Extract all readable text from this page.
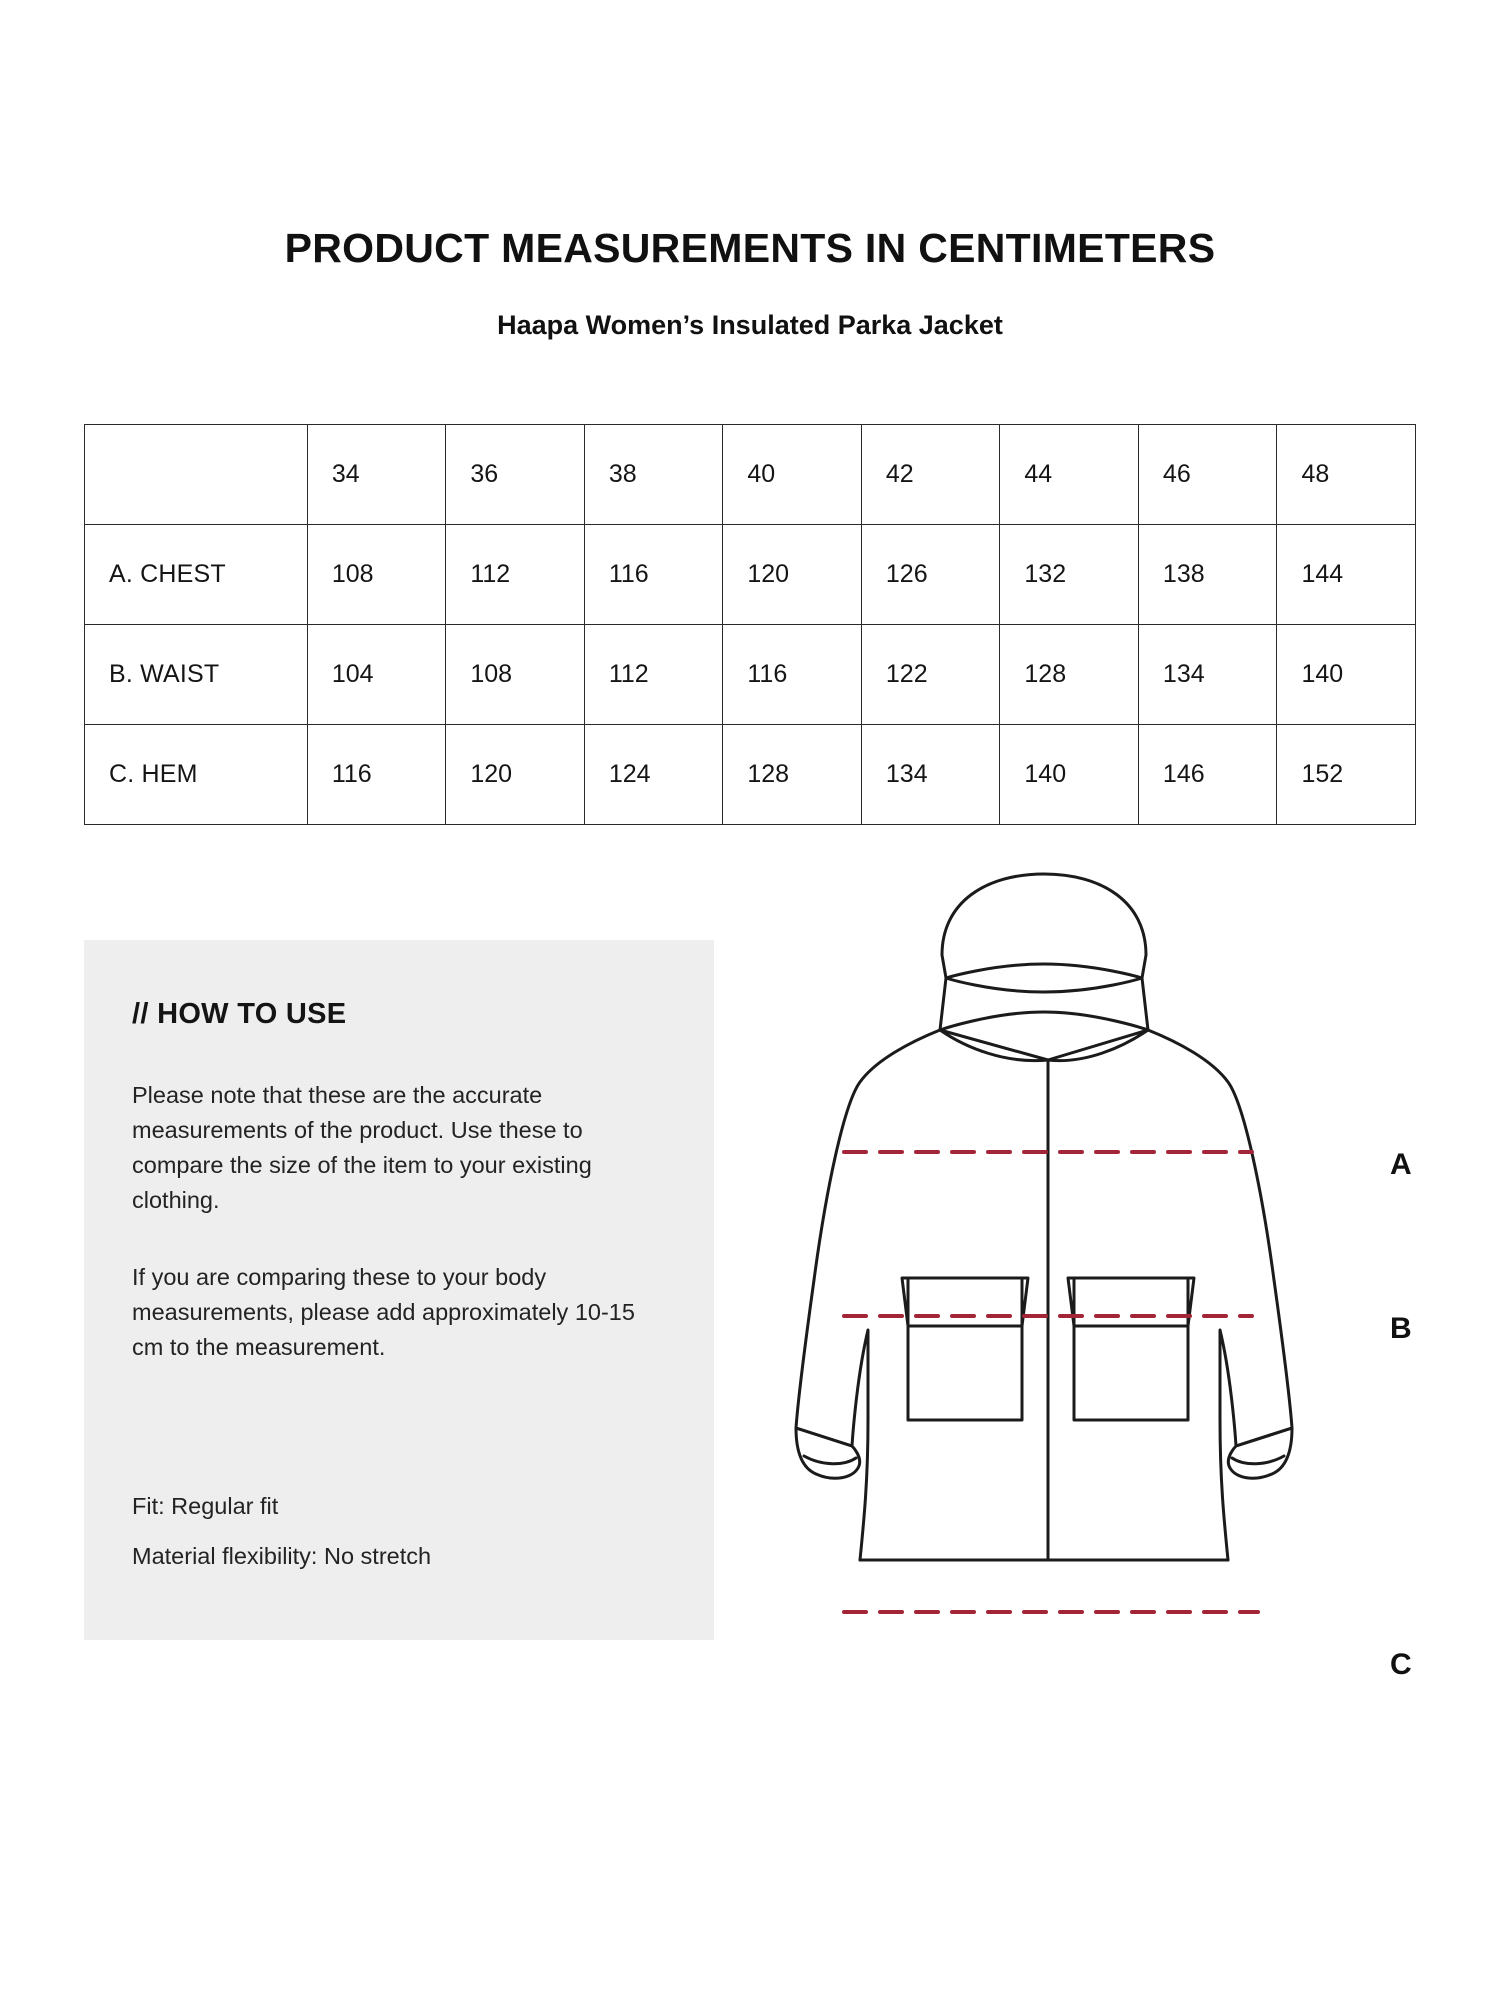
PRODUCT MEASUREMENTS IN CENTIMETERS
Haapa Women’s Insulated Parka Jacket
	34	36	38	40	42	44	46	48
A. CHEST	108	112	116	120	126	132	138	144
B. WAIST	104	108	112	116	122	128	134	140
C. HEM	116	120	124	128	134	140	146	152
// HOW TO USE
Please note that these are the accurate measurements of the product. Use these to compare the size of the item to your existing clothing.
If you are comparing these to your body measurements, please add approximately 10-15 cm to the measurement.
Fit: Regular fit
Material flexibility: No stretch
A
B
C
